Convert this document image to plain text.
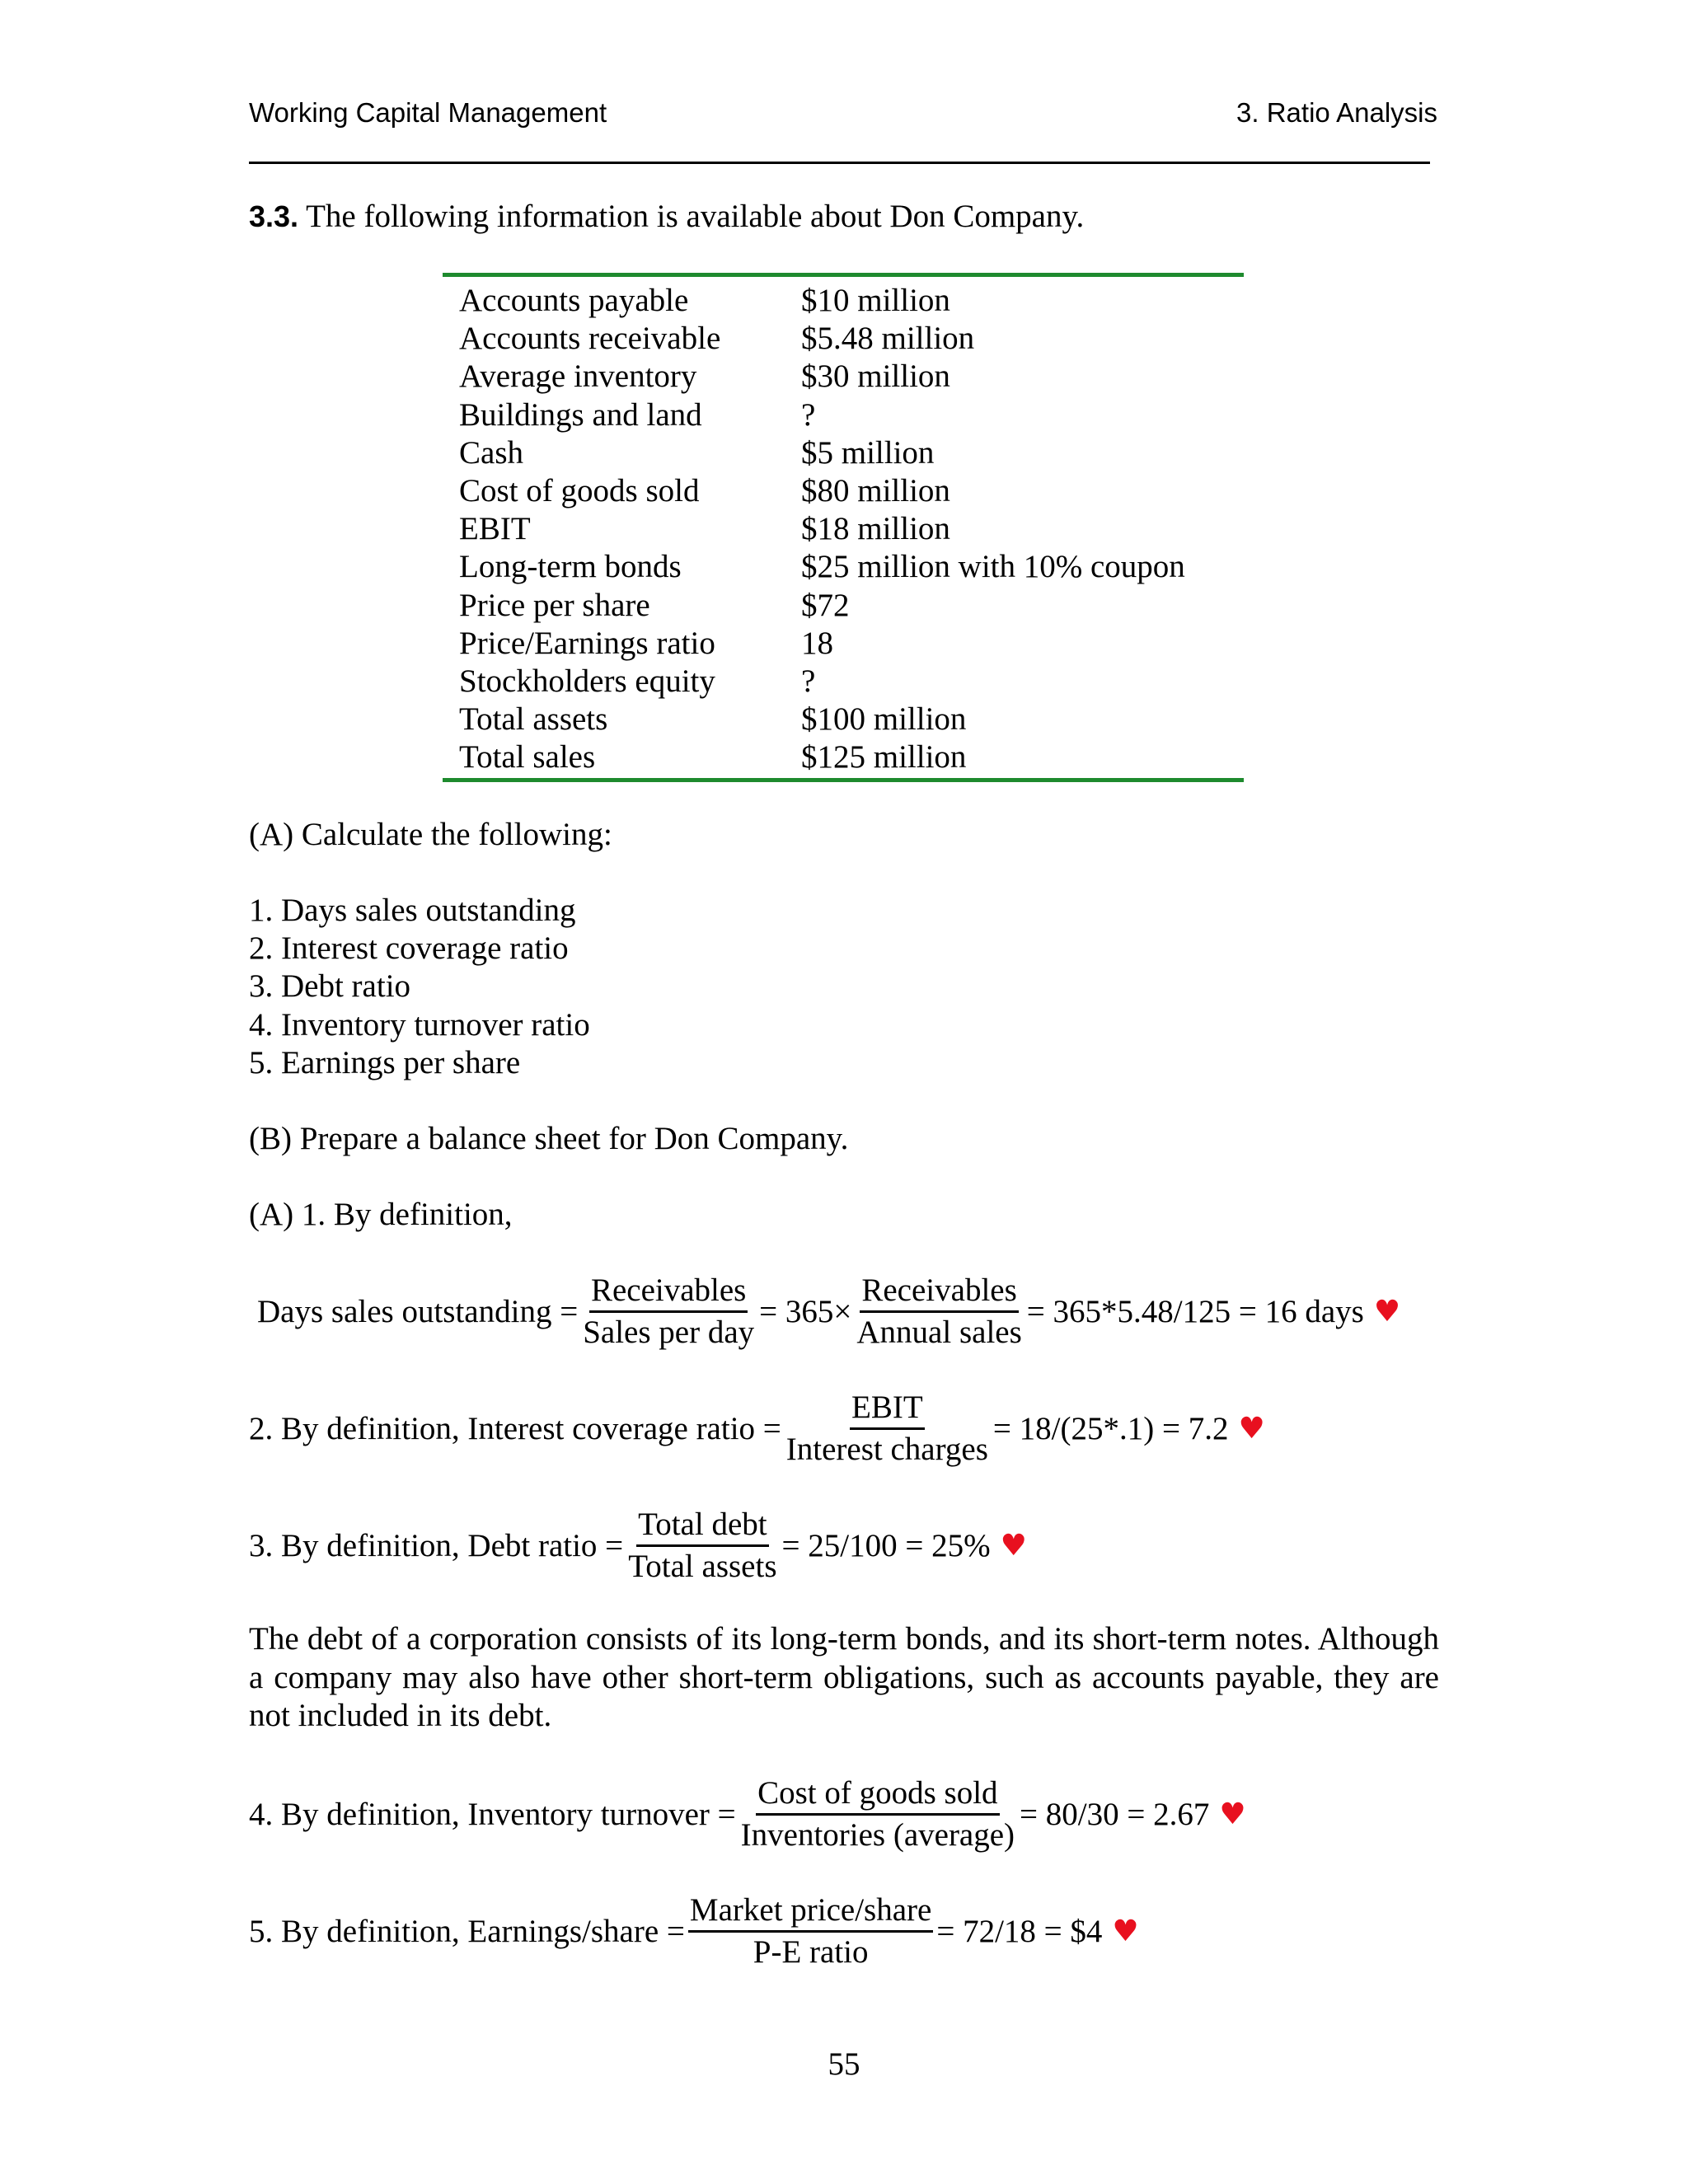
Working Capital Management	3. Ratio Analysis
3.3. The following information is available about Don Company.
Accounts payable	$10 million
Accounts receivable	$5.48 million
Average inventory	$30 million
Buildings and land	?
Cash	$5 million
Cost of goods sold	$80 million
EBIT	$18 million
Long-term bonds	$25 million with 10% coupon
Price per share	$72
Price/Earnings ratio	18
Stockholders equity	?
Total assets	$100 million
Total sales	$125 million
(A) Calculate the following:
1. Days sales outstanding
2. Interest coverage ratio
3. Debt ratio
4. Inventory turnover ratio
5. Earnings per share
(B) Prepare a balance sheet for Don Company.
(A) 1. By definition,
Days sales outstanding = $\frac{\text{Receivables}}{\text{Sales per day}} = 365\times \frac{\text{Receivables}}{\text{Annual sales}} = 365*5.48/125 = 16$ days ♥
2. By definition, Interest coverage ratio = $\frac{\text{EBIT}}{\text{Interest charges}} = 18/(25*.1) = 7.2$ ♥
3. By definition, Debt ratio = $\frac{\text{Total debt}}{\text{Total assets}} = 25/100 = 25\%$ ♥
The debt of a corporation consists of its long-term bonds, and its short-term notes. Although a company may also have other short-term obligations, such as accounts payable, they are not included in its debt.
4. By definition, Inventory turnover = $\frac{\text{Cost of goods sold}}{\text{Inventories (average)}} = 80/30 = 2.67$ ♥
5. By definition, Earnings/share = $\frac{\text{Market price/share}}{\text{P-E ratio}} = 72/18$ = $4 ♥
55
